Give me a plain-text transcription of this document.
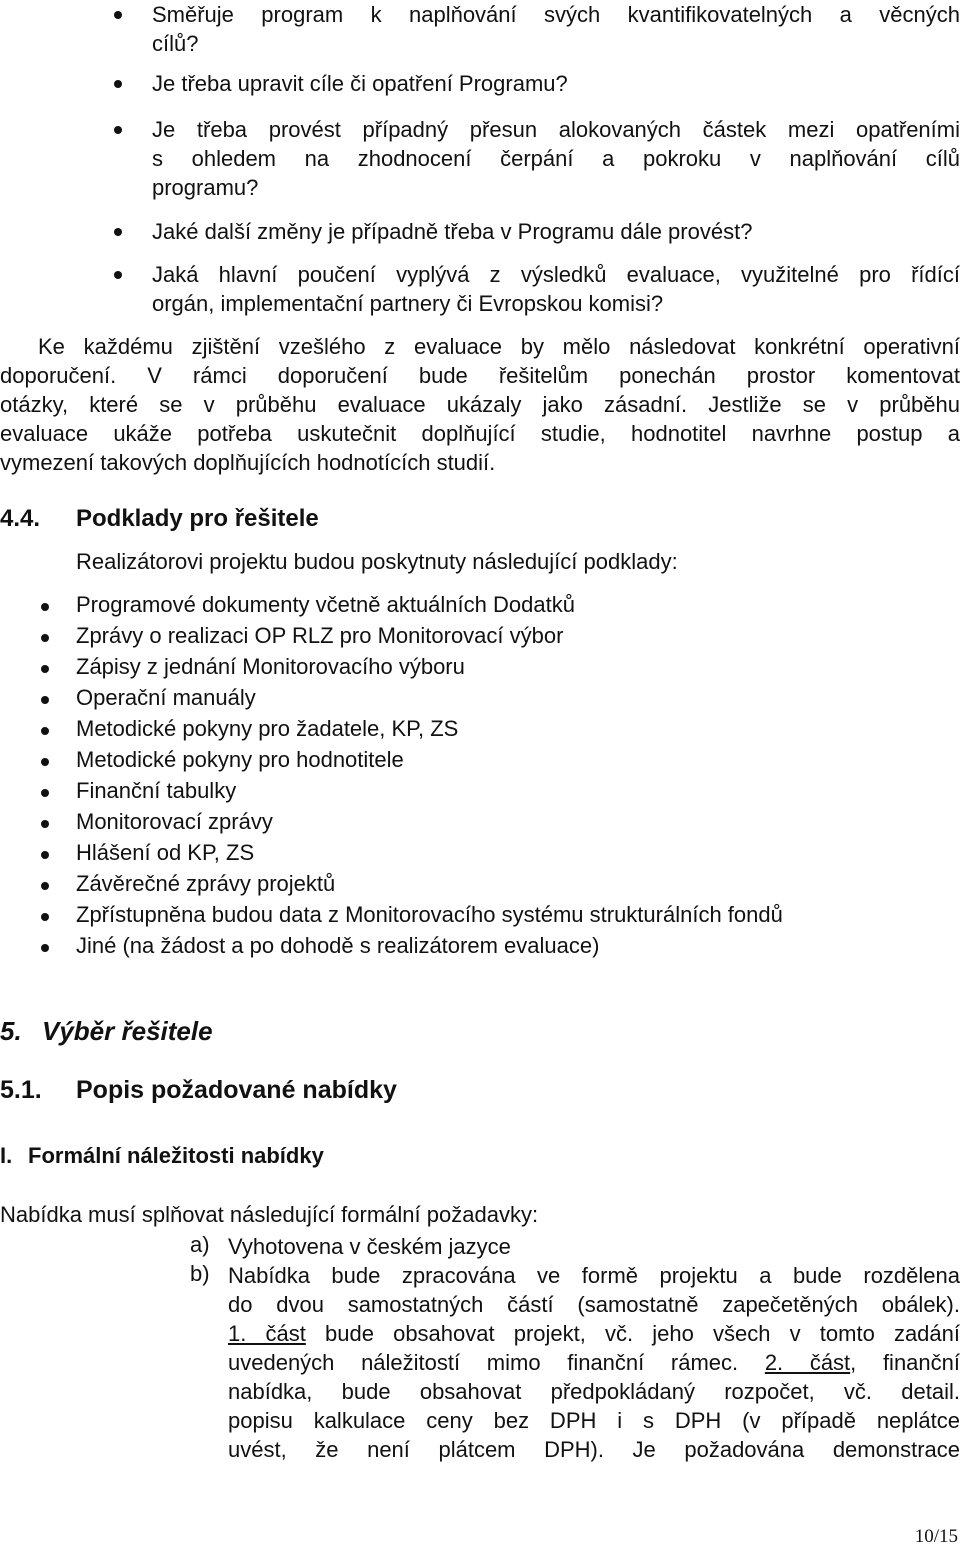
Směřuje program k naplňování svých kvantifikovatelných a věcných
cílů?
Je třeba upravit cíle či opatření Programu?
Je třeba provést případný přesun alokovaných částek mezi opatřeními
s ohledem na zhodnocení čerpání a pokroku v naplňování cílů
programu?
Jaké další změny je případně třeba v Programu dále provést?
Jaká hlavní poučení vyplývá z výsledků evaluace, využitelné pro řídící
orgán, implementační partnery či Evropskou komisi?
Ke každému zjištění vzešlého z evaluace by mělo následovat konkrétní operativní
doporučení. V rámci doporučení bude řešitelům ponechán prostor komentovat
otázky, které se v průběhu evaluace ukázaly jako zásadní. Jestliže se v průběhu
evaluace ukáže potřeba uskutečnit doplňující studie, hodnotitel navrhne postup a
vymezení takových doplňujících hodnotících studií.
4.4. Podklady pro řešitele
Realizátorovi projektu budou poskytnuty následující podklady:
Programové dokumenty včetně aktuálních Dodatků
Zprávy o realizaci OP RLZ pro Monitorovací výbor
Zápisy z jednání Monitorovacího výboru
Operační manuály
Metodické pokyny pro žadatele, KP, ZS
Metodické pokyny pro hodnotitele
Finanční tabulky
Monitorovací zprávy
Hlášení od KP, ZS
Závěrečné zprávy projektů
Zpřístupněna budou data z Monitorovacího systému strukturálních fondů
Jiné (na žádost a po dohodě s realizátorem evaluace)
5. Výběr řešitele
5.1. Popis požadované nabídky
I. Formální náležitosti nabídky
Nabídka musí splňovat následující formální požadavky:
a) Vyhotovena v českém jazyce
b) Nabídka bude zpracována ve formě projektu a bude rozdělena
do dvou samostatných částí (samostatně zapečetěných obálek).
1. část bude obsahovat projekt, vč. jeho všech v tomto zadání
uvedených náležitostí mimo finanční rámec. 2. část, finanční
nabídka, bude obsahovat předpokládaný rozpočet, vč. detail.
popisu kalkulace ceny bez DPH i s DPH (v případě neplátce
uvést, že není plátcem DPH). Je požadována demonstrace
10/15
